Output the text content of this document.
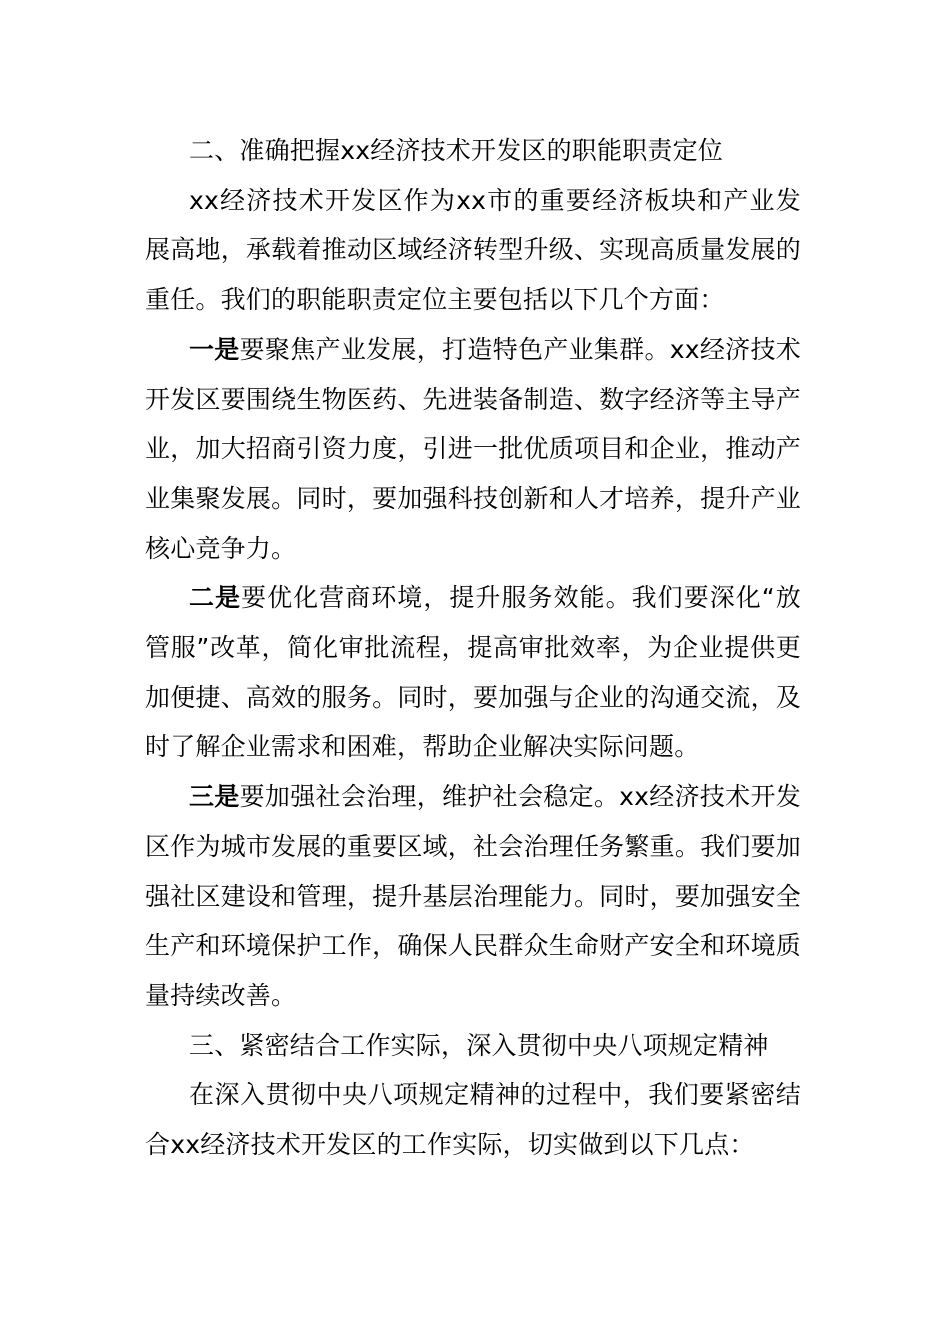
二、准确把握xx经济技术开发区的职能职责定位

xx经济技术开发区作为xx市的重要经济板块和产业发展高地，承载着推动区域经济转型升级、实现高质量发展的重任。我们的职能职责定位主要包括以下几个方面：

一是要聚焦产业发展，打造特色产业集群。xx经济技术开发区要围绕生物医药、先进装备制造、数字经济等主导产业，加大招商引资力度，引进一批优质项目和企业，推动产业集聚发展。同时，要加强科技创新和人才培养，提升产业核心竞争力。

二是要优化营商环境，提升服务效能。我们要深化“放管服”改革，简化审批流程，提高审批效率，为企业提供更加便捷、高效的服务。同时，要加强与企业的沟通交流，及时了解企业需求和困难，帮助企业解决实际问题。

三是要加强社会治理，维护社会稳定。xx经济技术开发区作为城市发展的重要区域，社会治理任务繁重。我们要加强社区建设和管理，提升基层治理能力。同时，要加强安全生产和环境保护工作，确保人民群众生命财产安全和环境质量持续改善。

三、紧密结合工作实际，深入贯彻中央八项规定精神

在深入贯彻中央八项规定精神的过程中，我们要紧密结合xx经济技术开发区的工作实际，切实做到以下几点：
